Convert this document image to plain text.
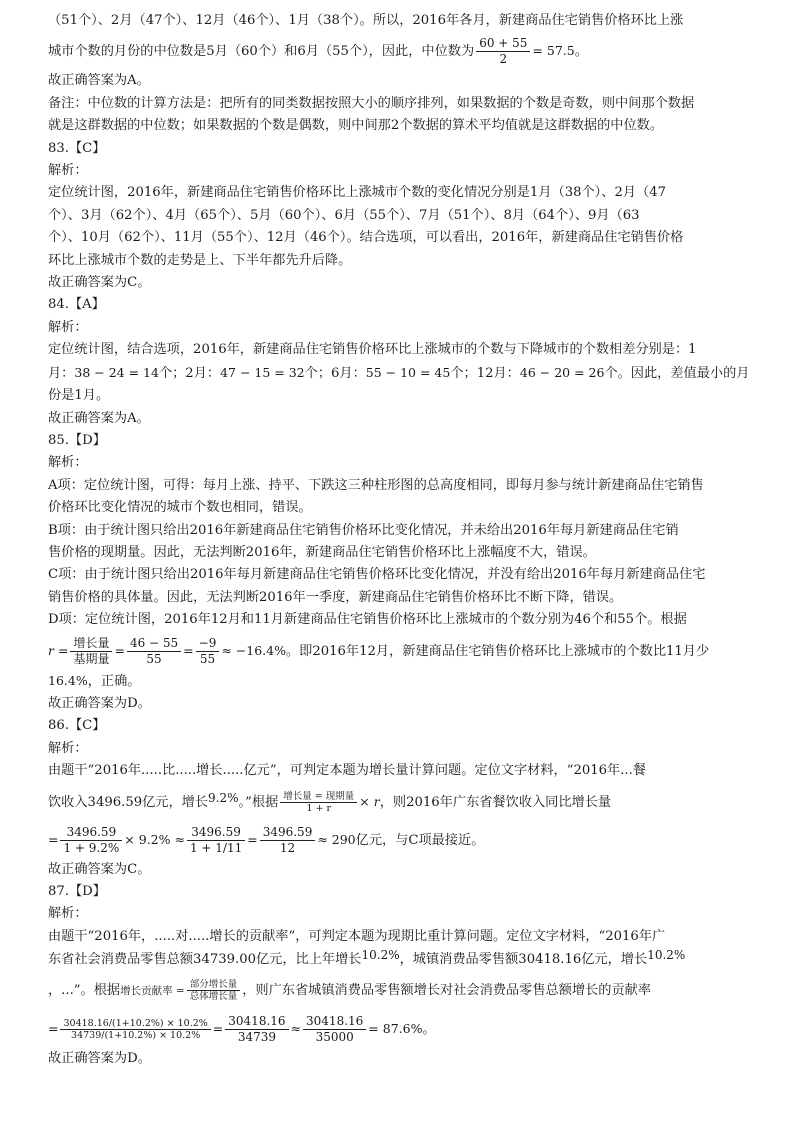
（51个）、2月（47个）、12月（46个）、1月（38个）。所以，2016年各月，新建商品住宅销售价格环比上涨
城市个数的月份的中位数是5月（60个）和6月（55个），因此，中位数为 $\frac{60 + 55}{2} = 57.5$。
故正确答案为A。
备注：中位数的计算方法是：把所有的同类数据按照大小的顺序排列，如果数据的个数是奇数，则中间那个数据
就是这群数据的中位数；如果数据的个数是偶数，则中间那2个数据的算术平均值就是这群数据的中位数。
83.【C】
解析：
定位统计图，2016年，新建商品住宅销售价格环比上涨城市个数的变化情况分别是1月（38个）、2月（47
个）、3月（62个）、4月（65个）、5月（60个）、6月（55个）、7月（51个）、8月（64个）、9月（63
个）、10月（62个）、11月（55个）、12月（46个）。结合选项，可以看出，2016年，新建商品住宅销售价格
环比上涨城市个数的走势是上、下半年都先升后降。
故正确答案为C。
84.【A】
解析：
定位统计图，结合选项，2016年，新建商品住宅销售价格环比上涨城市的个数与下降城市的个数相差分别是：1
月：38 − 24 = 14个；2月：47 − 15 = 32个；6月：55 − 10 = 45个；12月：46 − 20 = 26个。因此，差值最小的月
份是1月。
故正确答案为A。
85.【D】
解析：
A项：定位统计图，可得：每月上涨、持平、下跌这三种柱形图的总高度相同，即每月参与统计新建商品住宅销售
价格环比变化情况的城市个数也相同，错误。
B项：由于统计图只给出2016年新建商品住宅销售价格环比变化情况，并未给出2016年每月新建商品住宅销
售价格的现期量。因此，无法判断2016年，新建商品住宅销售价格环比上涨幅度不大，错误。
C项：由于统计图只给出2016年每月新建商品住宅销售价格环比变化情况，并没有给出2016年每月新建商品住宅
销售价格的具体量。因此，无法判断2016年一季度，新建商品住宅销售价格环比不断下降，错误。
D项：定位统计图，2016年12月和11月新建商品住宅销售价格环比上涨城市的个数分别为46个和55个。根据
$r = \frac{\text{增长量}}{\text{基期量}} = \frac{46 - 55}{55} = \frac{-9}{55} \approx -16.4\%$。即2016年12月，新建商品住宅销售价格环比上涨城市的个数比11月少
16.4%，正确。
故正确答案为D。
86.【C】
解析：
由题干“2016年.....比.....增长.....亿元”，可判定本题为增长量计算问题。定位文字材料，“2016年...餐
饮收入3496.59亿元，增长9.2%。”根据 $\frac{\text{增长量 = 现期量}}{1 + r} \times r$，则2016年广东省餐饮收入同比增长量
= $\frac{3496.59}{1 + 9.2\%} \times 9.2\% \approx \frac{3496.59}{1 + 1/11} = \frac{3496.59}{12} \approx 290$亿元，与C项最接近。
故正确答案为C。
87.【D】
解析：
由题干“2016年，.....对.....增长的贡献率”，可判定本题为现期比重计算问题。定位文字材料，“2016年广
东省社会消费品零售总额34739.00亿元，比上年增长10.2%，城镇消费品零售额30418.16亿元，增长10.2%
，...”。根据增长贡献率 = $\frac{\text{部分增长量}}{\text{总体增长量}}$ ，则广东省城镇消费品零售额增长对社会消费品零售总额增长的贡献率
= $\frac{30418.16/(1+10.2\%) \times 10.2\%}{34739/(1+10.2\%) \times 10.2\%} = \frac{30418.16}{34739} \approx \frac{30418.16}{35000} = 87.6\%$。
故正确答案为D。
